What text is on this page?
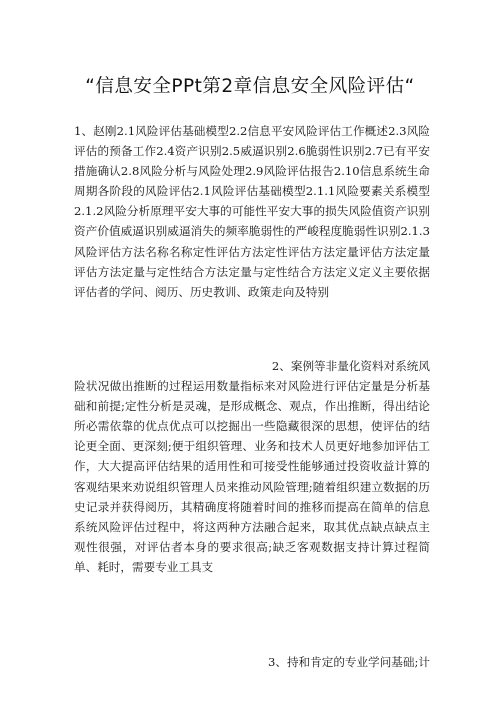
“信息安全PPt第2章信息安全风险评估“
1、赵刚2.1风险评估基础模型2.2信息平安风险评估工作概述2.3风险评估的预备工作2.4资产识别2.5威逼识别2.6脆弱性识别2.7已有平安措施确认2.8风险分析与风险处理2.9风险评估报告2.10信息系统生命周期各阶段的风险评估2.1风险评估基础模型2.1.1风险要素关系模型2.1.2风险分析原理平安大事的可能性平安大事的损失风险值资产识别资产价值威逼识别威逼消失的频率脆弱性的严峻程度脆弱性识别2.1.3风险评估方法名称名称定性评估方法定性评估方法定量评估方法定量评估方法定量与定性结合方法定量与定性结合方法定义定义主要依据评估者的学问、阅历、历史教训、政策走向及特别
2、案例等非量化资料对系统风
险状况做出推断的过程运用数量指标来对风险进行评估定量是分析基础和前提;定性分析是灵魂，是形成概念、观点，作出推断，得出结论所必需依靠的优点优点可以挖掘出一些隐藏很深的思想，使评估的结论更全面、更深刻;便于组织管理、业务和技术人员更好地参加评估工作，大大提高评估结果的适用性和可接受性能够通过投资收益计算的客观结果来劝说组织管理人员来推动风险管理;随着组织建立数据的历史记录并获得阅历，其精确度将随着时间的推移而提高在简单的信息系统风险评估过程中，将这两种方法融合起来，取其优点缺点缺点主观性很强，对评估者本身的要求很高;缺乏客观数据支持计算过程简单、耗时，需要专业工具支
3、持和肯定的专业学问基础;计
